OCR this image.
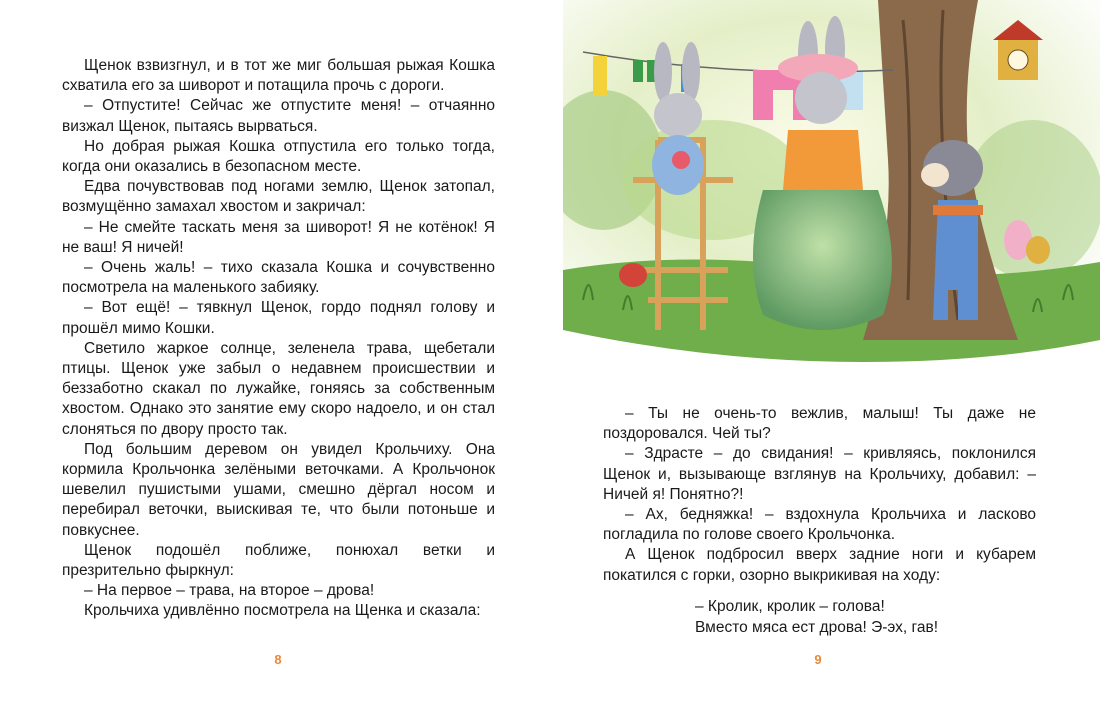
Щенок взвизгнул, и в тот же миг большая рыжая Кошка схватила его за шиворот и потащила прочь с дороги.

– Отпустите! Сейчас же отпустите меня! – отчаянно визжал Щенок, пытаясь вырваться.

Но добрая рыжая Кошка отпустила его только тогда, когда они оказались в безопасном месте.

Едва почувствовав под ногами землю, Щенок затопал, возмущённо замахал хвостом и закричал:

– Не смейте таскать меня за шиворот! Я не котёнок! Я не ваш! Я ничей!

– Очень жаль! – тихо сказала Кошка и сочувственно посмотрела на маленького забияку.

– Вот ещё! – тявкнул Щенок, гордо поднял голову и прошёл мимо Кошки.

Светило жаркое солнце, зеленела трава, щебетали птицы. Щенок уже забыл о недавнем происшествии и беззаботно скакал по лужайке, гоняясь за собственным хвостом. Однако это занятие ему скоро надоело, и он стал слоняться по двору просто так.

Под большим деревом он увидел Крольчиху. Она кормила Крольчонка зелёными веточками. А Крольчонок шевелил пушистыми ушами, смешно дёргал носом и перебирал веточки, выискивая те, что были потоньше и повкуснее.

Щенок подошёл поближе, понюхал ветки и презрительно фыркнул:

– На первое – трава, на второе – дрова!

Крольчиха удивлённо посмотрела на Щенка и сказала:

8

– Ты не очень-то вежлив, малыш! Ты даже не поздоровался. Чей ты?

– Здрасте – до свидания! – кривляясь, поклонился Щенок и, вызывающе взглянув на Крольчиху, добавил: – Ничей я! Понятно?!

– Ах, бедняжка! – вздохнула Крольчиха и ласково погладила по голове своего Крольчонка.

А Щенок подбросил вверх задние ноги и кубарем покатился с горки, озорно выкрикивая на ходу:

– Кролик, кролик – голова!

Вместо мяса ест дрова! Э-эх, гав!

9
